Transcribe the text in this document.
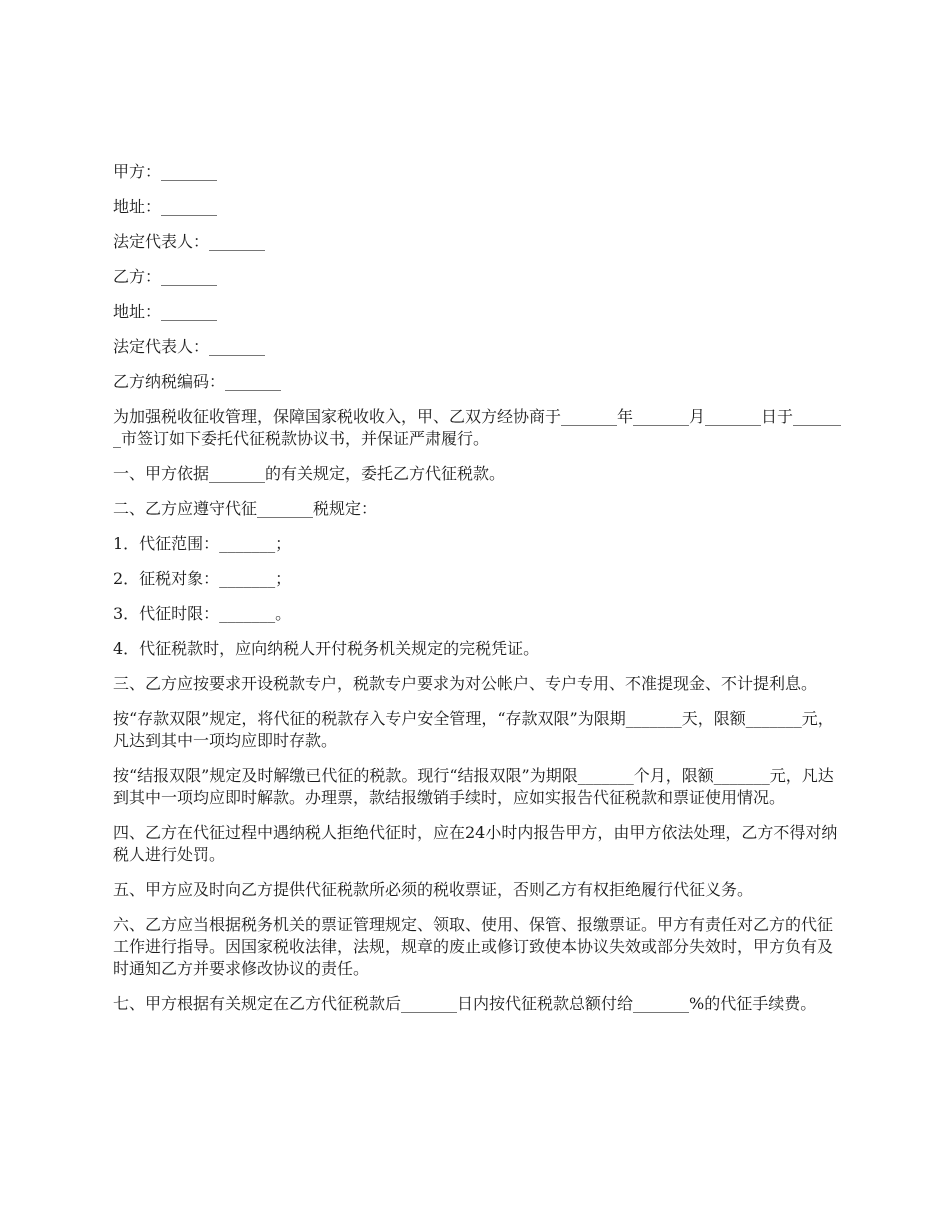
甲方：_______

地址：_______

法定代表人：_______

乙方：_______

地址：_______

法定代表人：_______

乙方纳税编码：_______

为加强税收征收管理，保障国家税收收入，甲、乙双方经协商于_______年_______月_______日于_______市签订如下委托代征税款协议书，并保证严肃履行。

一、甲方依据_______的有关规定，委托乙方代征税款。

二、乙方应遵守代征_______税规定：

1．代征范围：_______；

2．征税对象：_______；

3．代征时限：_______。

4．代征税款时，应向纳税人开付税务机关规定的完税凭证。

三、乙方应按要求开设税款专户，税款专户要求为对公帐户、专户专用、不准提现金、不计提利息。

按“存款双限”规定，将代征的税款存入专户安全管理，“存款双限”为限期_______天，限额_______元，凡达到其中一项均应即时存款。

按“结报双限”规定及时解缴已代征的税款。现行“结报双限”为期限_______个月，限额_______元，凡达到其中一项均应即时解款。办理票，款结报缴销手续时，应如实报告代征税款和票证使用情况。

四、乙方在代征过程中遇纳税人拒绝代征时，应在24小时内报告甲方，由甲方依法处理，乙方不得对纳税人进行处罚。

五、甲方应及时向乙方提供代征税款所必须的税收票证，否则乙方有权拒绝履行代征义务。

六、乙方应当根据税务机关的票证管理规定、领取、使用、保管、报缴票证。甲方有责任对乙方的代征工作进行指导。因国家税收法律，法规，规章的废止或修订致使本协议失效或部分失效时，甲方负有及时通知乙方并要求修改协议的责任。

七、甲方根据有关规定在乙方代征税款后_______日内按代征税款总额付给_______%的代征手续费。
